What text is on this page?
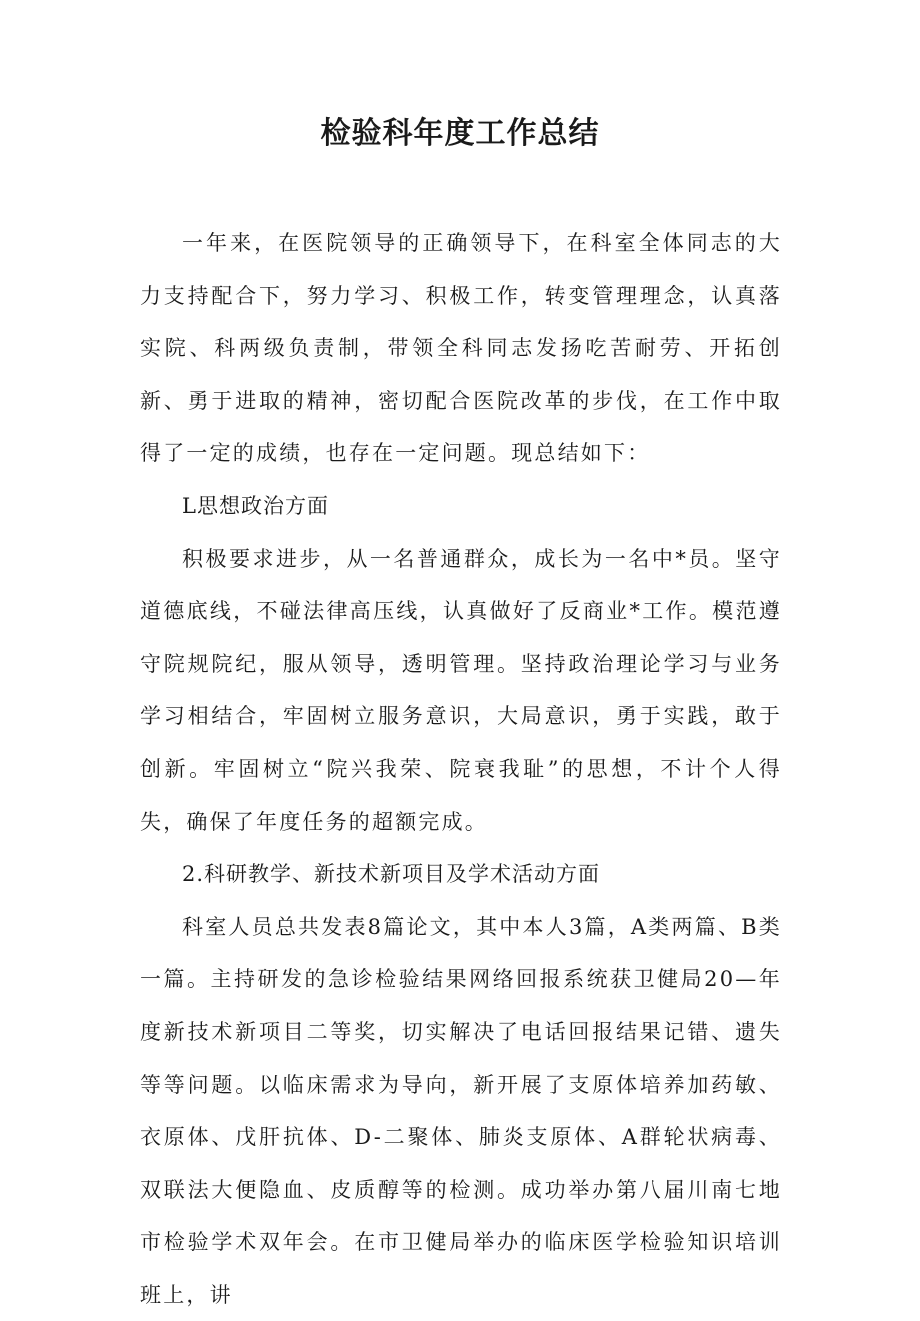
检验科年度工作总结

一年来，在医院领导的正确领导下，在科室全体同志的大力支持配合下，努力学习、积极工作，转变管理理念，认真落实院、科两级负责制，带领全科同志发扬吃苦耐劳、开拓创新、勇于进取的精神，密切配合医院改革的步伐，在工作中取得了一定的成绩，也存在一定问题。现总结如下：

L思想政治方面

积极要求进步，从一名普通群众，成长为一名中*员。坚守道德底线，不碰法律高压线，认真做好了反商业*工作。模范遵守院规院纪，服从领导，透明管理。坚持政治理论学习与业务学习相结合，牢固树立服务意识，大局意识，勇于实践，敢于创新。牢固树立“院兴我荣、院衰我耻”的思想，不计个人得失，确保了年度任务的超额完成。

2.科研教学、新技术新项目及学术活动方面

科室人员总共发表8篇论文，其中本人3篇，A类两篇、B类一篇。主持研发的急诊检验结果网络回报系统获卫健局20—年度新技术新项目二等奖，切实解决了电话回报结果记错、遗失等等问题。以临床需求为导向，新开展了支原体培养加药敏、衣原体、戊肝抗体、D-二聚体、肺炎支原体、A群轮状病毒、双联法大便隐血、皮质醇等的检测。成功举办第八届川南七地市检验学术双年会。在市卫健局举办的临床医学检验知识培训班上，讲
